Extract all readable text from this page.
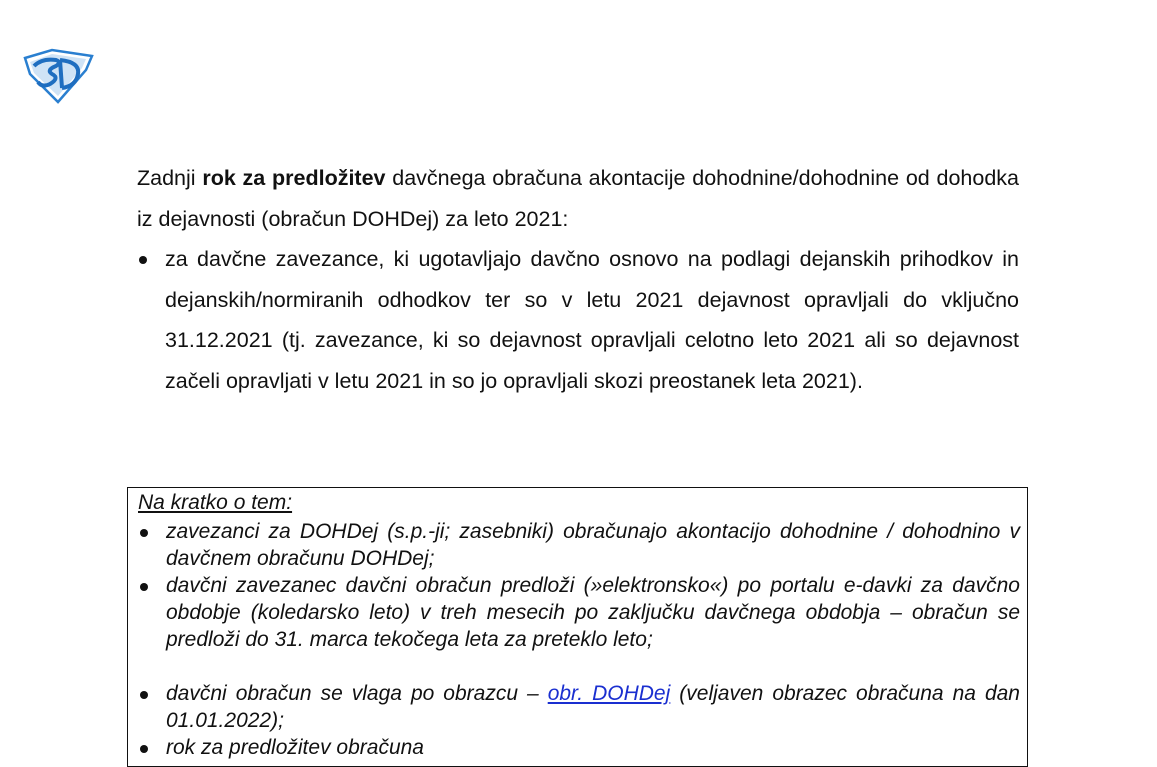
Zadnji rok za predložitev davčnega obračuna akontacije dohodnine/dohodnine od dohodka iz dejavnosti (obračun DOHDej) za leto 2021:

za davčne zavezance, ki ugotavljajo davčno osnovo na podlagi dejanskih prihodkov in dejanskih/normiranih odhodkov ter so v letu 2021 dejavnost opravljali do vključno 31.12.2021 (tj. zavezance, ki so dejavnost opravljali celotno leto 2021 ali so dejavnost začeli opravljati v letu 2021 in so jo opravljali skozi preostanek leta 2021).

Na kratko o tem:

zavezanci za DOHDej (s.p.-ji; zasebniki) obračunajo akontacijo dohodnine / dohodnino v davčnem obračunu DOHDej;
davčni zavezanec davčni obračun predloži (»elektronsko«) po portalu e-davki za davčno obdobje (koledarsko leto) v treh mesecih po zaključku davčnega obdobja – obračun se predloži do 31. marca tekočega leta za preteklo leto;
davčni obračun se vlaga po obrazcu – obr. DOHDej (veljaven obrazec obračuna na dan 01.01.2022);
rok za predložitev obračuna
